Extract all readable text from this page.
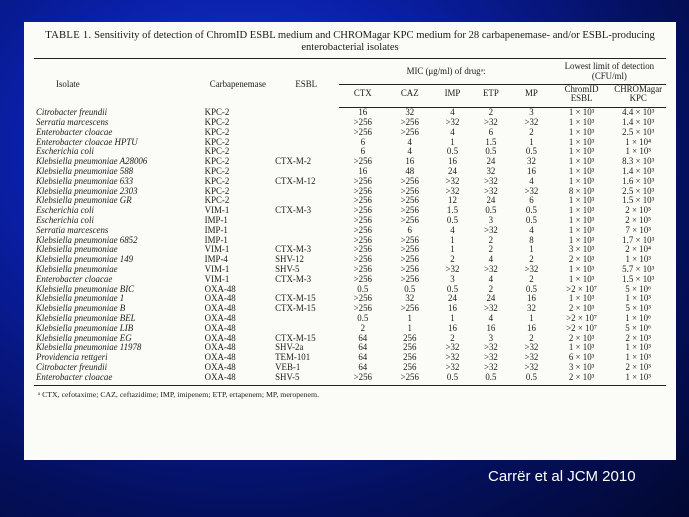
TABLE 1. Sensitivity of detection of ChromID ESBL medium and CHROMagar KPC medium for 28 carbapenemase- and/or ESBL-producing enterobacterial isolates
Isolate	Carbapenemase	ESBL	MIC (μg/ml) of drugᵃ:					Lowest limit of detection (CFU/ml)	
			CTX	CAZ	IMP	ETP	MP	ChromID ESBL	CHROMagar KPC
Citrobacter freundii	KPC-2		16	32	4	2	3	1 × 10³	4.4 × 10³
Serratia marcescens	KPC-2		>256	>256	>32	>32	>32	1 × 10³	1.4 × 10³
Enterobacter cloacae	KPC-2		>256	>256	4	6	2	1 × 10³	2.5 × 10³
Enterobacter cloacae HPTU	KPC-2		6	4	1	1.5	1	1 × 10³	1 × 10⁴
Escherichia coli	KPC-2		6	4	0.5	0.5	0.5	1 × 10³	1 × 10³
Klebsiella pneumoniae A28006	KPC-2	CTX-M-2	>256	16	16	24	32	1 × 10³	8.3 × 10³
Klebsiella pneumoniae 588	KPC-2		16	48	24	32	16	1 × 10³	1.4 × 10³
Klebsiella pneumoniae 633	KPC-2	CTX-M-12	>256	>256	>32	>32	4	1 × 10³	1.6 × 10³
Klebsiella pneumoniae 2303	KPC-2		>256	>256	>32	>32	>32	8 × 10³	2.5 × 10³
Klebsiella pneumoniae GR	KPC-2		>256	>256	12	24	6	1 × 10³	1.5 × 10³
Escherichia coli	VIM-1	CTX-M-3	>256	>256	1.5	0.5	0.5	1 × 10³	2 × 10⁵
Escherichia coli	IMP-1		>256	>256	0.5	3	0.5	1 × 10³	2 × 10⁵
Serratia marcescens	IMP-1		>256	6	4	>32	4	1 × 10³	7 × 10³
Klebsiella pneumoniae 6852	IMP-1		>256	>256	1	2	8	1 × 10³	1.7 × 10³
Klebsiella pneumoniae	VIM-1	CTX-M-3	>256	>256	1	2	1	3 × 10³	2 × 10⁴
Klebsiella pneumoniae 149	IMP-4	SHV-12	>256	>256	2	4	2	2 × 10³	1 × 10³
Klebsiella pneumoniae	VIM-1	SHV-5	>256	>256	>32	>32	>32	1 × 10³	5.7 × 10³
Enterobacter cloacae	VIM-1	CTX-M-3	>256	>256	3	4	2	1 × 10³	1.5 × 10³
Klebsiella pneumoniae BIC	OXA-48		0.5	0.5	0.5	2	0.5	>2 × 10⁷	5 × 10⁶
Klebsiella pneumoniae 1	OXA-48	CTX-M-15	>256	32	24	24	16	1 × 10³	1 × 10³
Klebsiella pneumoniae B	OXA-48	CTX-M-15	>256	>256	16	>32	32	2 × 10³	5 × 10³
Klebsiella pneumoniae BEL	OXA-48		0.5	1	1	4	1	>2 × 10⁷	1 × 10⁶
Klebsiella pneumoniae LIB	OXA-48		2	1	16	16	16	>2 × 10⁷	5 × 10⁶
Klebsiella pneumoniae EG	OXA-48	CTX-M-15	64	256	2	3	2	2 × 10³	2 × 10³
Klebsiella pneumoniae 11978	OXA-48	SHV-2a	64	256	>32	>32	>32	1 × 10³	1 × 10³
Providencia rettgeri	OXA-48	TEM-101	64	256	>32	>32	>32	6 × 10³	1 × 10³
Citrobacter freundii	OXA-48	VEB-1	64	256	>32	>32	>32	3 × 10³	2 × 10³
Enterobacter cloacae	OXA-48	SHV-5	>256	>256	0.5	0.5	0.5	2 × 10³	1 × 10³
ᵃ CTX, cefotaxime; CAZ, ceftazidime; IMP, imipenem; ETP, ertapenem; MP, meropenem.
Carrër et al JCM 2010
